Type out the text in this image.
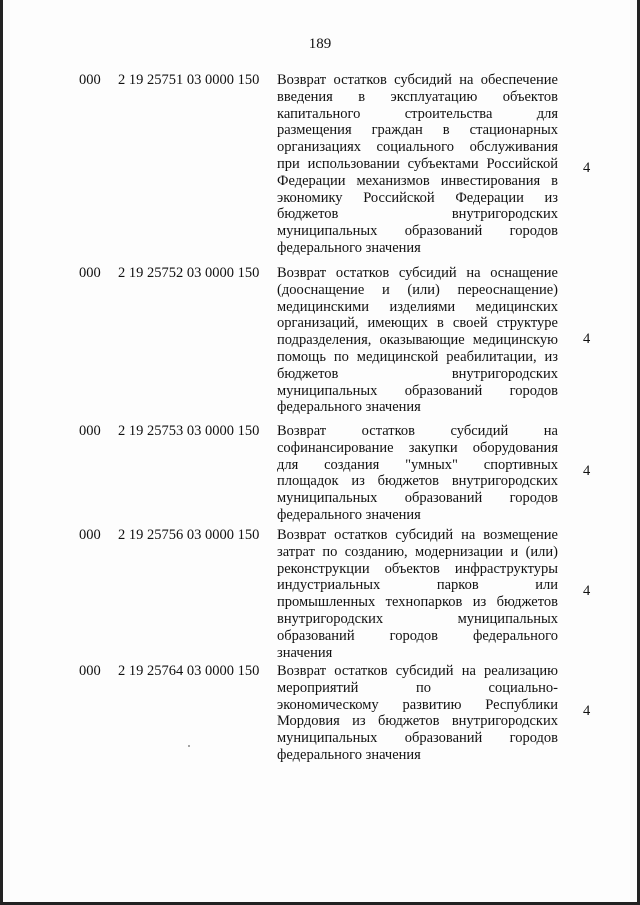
189
000 2 19 25751 03 0000 150 Возврат остатков субсидий на обеспечение
введения в эксплуатацию объектов
капитального строительства для
размещения граждан в стационарных
организациях социального обслуживания
при использовании субъектами Российской
Федерации механизмов инвестирования в
экономику Российской Федерации из
бюджетов внутригородских
муниципальных образований городов
федерального значения
4
000 2 19 25752 03 0000 150 Возврат остатков субсидий на оснащение
(дооснащение и (или) переоснащение)
медицинскими изделиями медицинских
организаций, имеющих в своей структуре
подразделения, оказывающие медицинскую
помощь по медицинской реабилитации, из
бюджетов внутригородских
муниципальных образований городов
федерального значения
4
000 2 19 25753 03 0000 150 Возврат остатков субсидий на
софинансирование закупки оборудования
для создания "умных" спортивных
площадок из бюджетов внутригородских
муниципальных образований городов
федерального значения
4
000 2 19 25756 03 0000 150 Возврат остатков субсидий на возмещение
затрат по созданию, модернизации и (или)
реконструкции объектов инфраструктуры
индустриальных парков или
промышленных технопарков из бюджетов
внутригородских муниципальных
образований городов федерального
значения
4
000 2 19 25764 03 0000 150 Возврат остатков субсидий на реализацию
мероприятий по социально-
экономическому развитию Республики
Мордовия из бюджетов внутригородских
муниципальных образований городов
федерального значения
4
